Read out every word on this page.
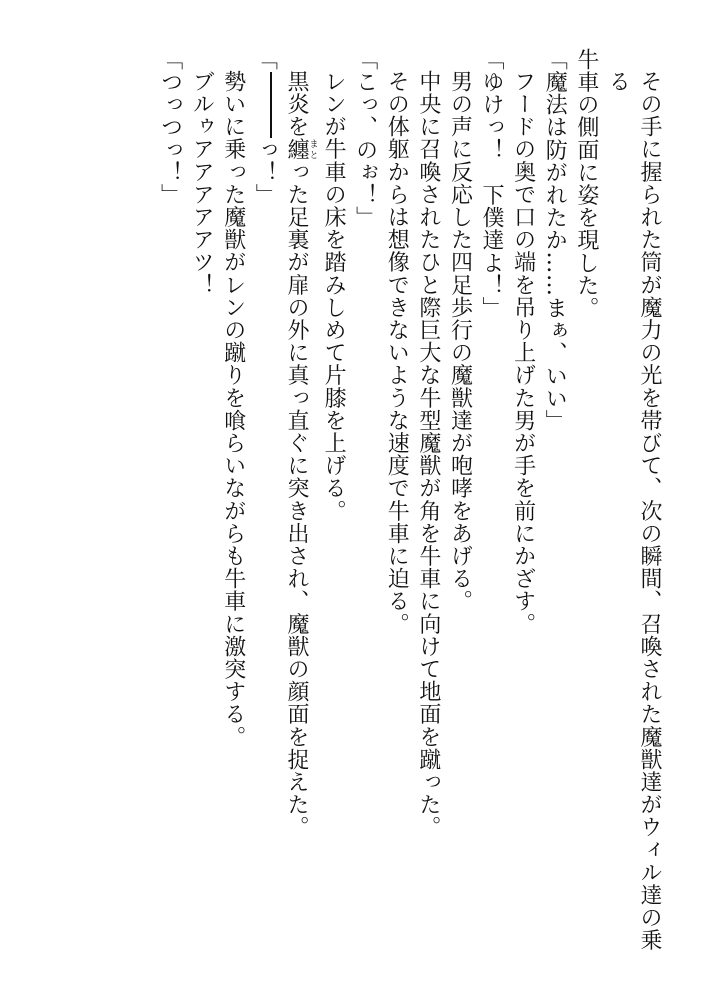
その手に握られた筒が魔力の光を帯びて、次の瞬間、召喚された魔獣達がウィル達の乗る

牛車の側面に姿を現した。

「魔法は防がれたか……まぁ、いい」

フードの奥で口の端を吊り上げた男が手を前にかざす。

「ゆけっ！　下僕達よ！」

男の声に反応した四足歩行の魔獣達が咆哮をあげる。

中央に召喚されたひと際巨大な牛型魔獣が角を牛車に向けて地面を蹴った。

その体躯からは想像できないような速度で牛車に迫る。

「こっ、のぉ！」

レンが牛車の床を踏みしめて片膝を上げる。

黒炎を纏まとった足裏が扉の外に真っ直ぐに突き出され、魔獣の顔面を捉えた。

「っ！」

勢いに乗った魔獣がレンの蹴りを喰らいながらも牛車に激突する。

ブルゥアアアアアツ！

「つっつっ！」
